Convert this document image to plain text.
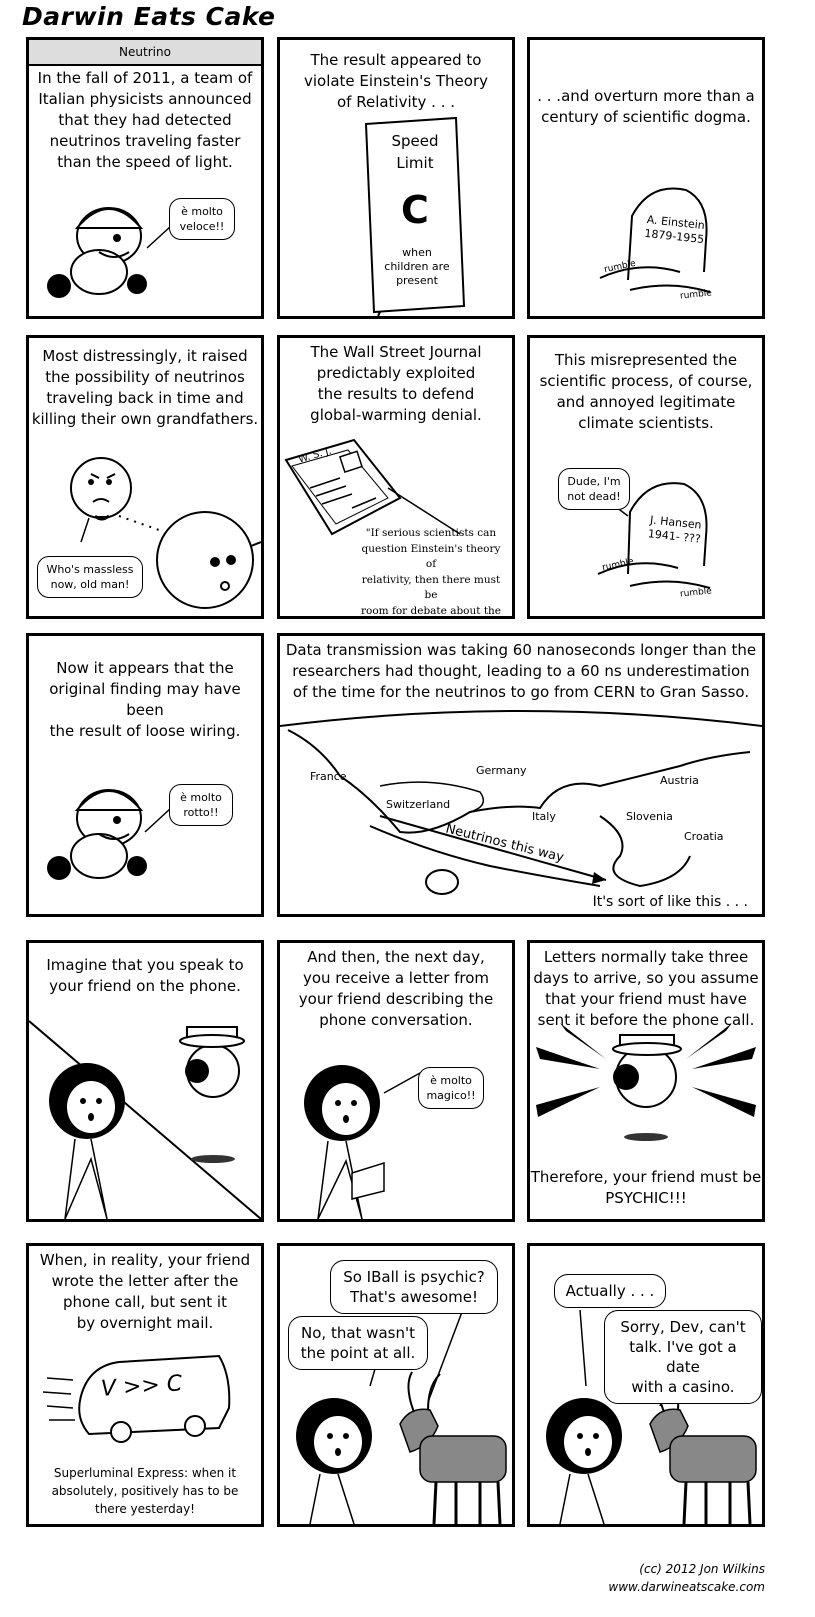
Darwin Eats Cake
Neutrino
In the fall of 2011, a team of
Italian physicists announced
that they had detected
neutrinos traveling faster
than the speed of light.
è molto
veloce!!
The result appeared to
violate Einstein's Theory
of Relativity . . .
Speed
Limit
C
when
children are
present
. . .and overturn more than a
century of scientific dogma.
A. Einstein
1879-1955
rumble
rumble
Most distressingly, it raised
the possibility of neutrinos
traveling back in time and
killing their own grandfathers.
Who's massless
now, old man!
The Wall Street Journal
predictably exploited
the results to defend
global-warming denial.
W. S. J.
"If serious scientists can
question Einstein's theory of
relativity, then there must be
room for debate about the

This misrepresented the
scientific process, of course,
and annoyed legitimate
climate scientists.
Dude, I'm
not dead!
J. Hansen
1941- ???
rumble
rumble
Now it appears that the
original finding may have been
the result of loose wiring.
è molto
rotto!!
Data transmission was taking 60 nanoseconds longer than the
researchers had thought, leading to a 60 ns underestimation
of the time for the neutrinos to go from CERN to Gran Sasso.
France	Germany
Austria
Switzerland
Italy	Slovenia
Croatia
Neutrinos this way
It's sort of like this . . .
Imagine that you speak to
your friend on the phone.
And then, the next day,
you receive a letter from
your friend describing the
phone conversation.
è molto
magico!!
Letters normally take three
days to arrive, so you assume
that your friend must have
sent it before the phone call.
Therefore, your friend must be
PSYCHIC!!!
When, in reality, your friend
wrote the letter after the
phone call, but sent it
by overnight mail.
V >> C
Superluminal Express: when it
absolutely, positively has to be
there yesterday!
So IBall is psychic?
That's awesome!
No, that wasn't
the point at all.
Actually . . .
Sorry, Dev, can't
talk. I've got a date
with a casino.
(cc) 2012 Jon Wilkins
www.darwineatscake.com
